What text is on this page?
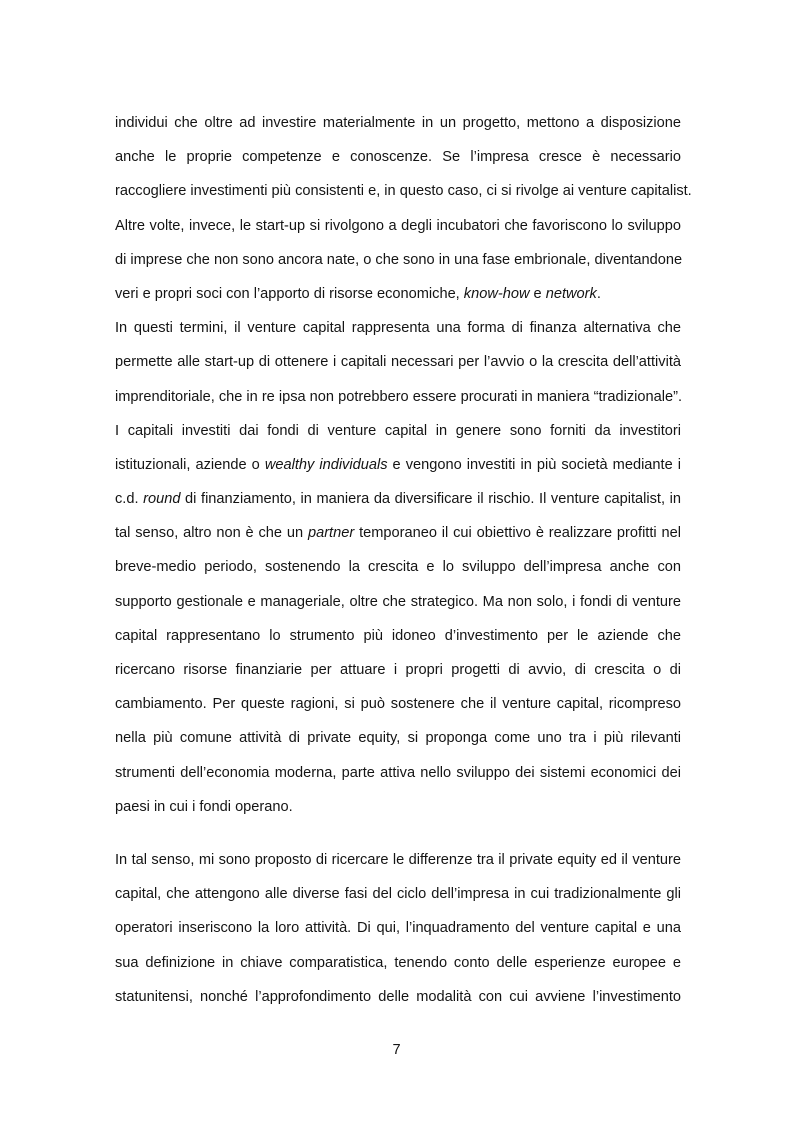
individui che oltre ad investire materialmente in un progetto, mettono a disposizione
anche le proprie competenze e conoscenze. Se l’impresa cresce è necessario
raccogliere investimenti più consistenti e, in questo caso, ci si rivolge ai venture capitalist.
Altre volte, invece, le start-up si rivolgono a degli incubatori che favoriscono lo sviluppo
di imprese che non sono ancora nate, o che sono in una fase embrionale, diventandone
veri e propri soci con l’apporto di risorse economiche, know-how e network.
In questi termini, il venture capital rappresenta una forma di finanza alternativa che
permette alle start-up di ottenere i capitali necessari per l’avvio o la crescita dell’attività
imprenditoriale, che in re ipsa non potrebbero essere procurati in maniera “tradizionale”.
I capitali investiti dai fondi di venture capital in genere sono forniti da investitori
istituzionali, aziende o wealthy individuals e vengono investiti in più società mediante i
c.d. round di finanziamento, in maniera da diversificare il rischio. Il venture capitalist, in
tal senso, altro non è che un partner temporaneo il cui obiettivo è realizzare profitti nel
breve-medio periodo, sostenendo la crescita e lo sviluppo dell’impresa anche con
supporto gestionale e manageriale, oltre che strategico. Ma non solo, i fondi di venture
capital rappresentano lo strumento più idoneo d’investimento per le aziende che
ricercano risorse finanziarie per attuare i propri progetti di avvio, di crescita o di
cambiamento. Per queste ragioni, si può sostenere che il venture capital, ricompreso
nella più comune attività di private equity, si proponga come uno tra i più rilevanti
strumenti dell’economia moderna, parte attiva nello sviluppo dei sistemi economici dei
paesi in cui i fondi operano.
In tal senso, mi sono proposto di ricercare le differenze tra il private equity ed il venture
capital, che attengono alle diverse fasi del ciclo dell’impresa in cui tradizionalmente gli
operatori inseriscono la loro attività. Di qui, l’inquadramento del venture capital e una
sua definizione in chiave comparatistica, tenendo conto delle esperienze europee e
statunitensi, nonché l’approfondimento delle modalità con cui avviene l’investimento
7
